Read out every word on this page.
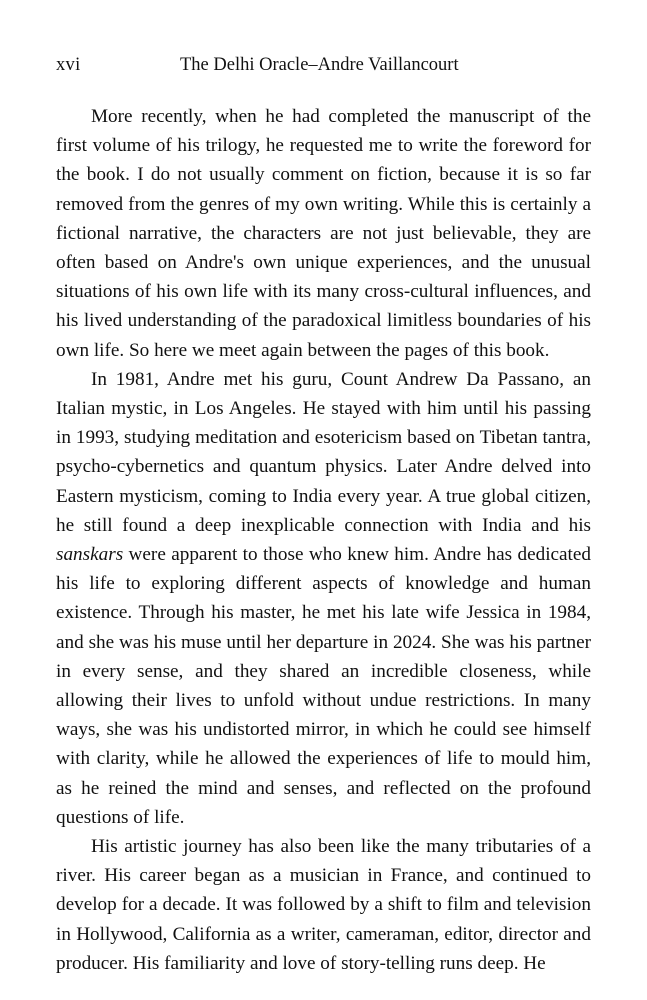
xvi	The Delhi Oracle–Andre Vaillancourt

More recently, when he had completed the manuscript of the first volume of his trilogy, he requested me to write the foreword for the book. I do not usually comment on fiction, because it is so far removed from the genres of my own writing. While this is certainly a fictional narrative, the characters are not just believable, they are often based on Andre's own unique experiences, and the unusual situations of his own life with its many cross-cultural influences, and his lived understanding of the paradoxical limitless boundaries of his own life. So here we meet again between the pages of this book.

In 1981, Andre met his guru, Count Andrew Da Passano, an Italian mystic, in Los Angeles. He stayed with him until his passing in 1993, studying meditation and esotericism based on Tibetan tantra, psycho-cybernetics and quantum physics. Later Andre delved into Eastern mysticism, coming to India every year. A true global citizen, he still found a deep inexplicable connection with India and his sanskars were apparent to those who knew him. Andre has dedicated his life to exploring different aspects of knowledge and human existence. Through his master, he met his late wife Jessica in 1984, and she was his muse until her departure in 2024. She was his partner in every sense, and they shared an incredible closeness, while allowing their lives to unfold without undue restrictions. In many ways, she was his undistorted mirror, in which he could see himself with clarity, while he allowed the experiences of life to mould him, as he reined the mind and senses, and reflected on the profound questions of life.

His artistic journey has also been like the many tributaries of a river. His career began as a musician in France, and continued to develop for a decade. It was followed by a shift to film and television in Hollywood, California as a writer, cameraman, editor, director and producer. His familiarity and love of story-telling runs deep. He
